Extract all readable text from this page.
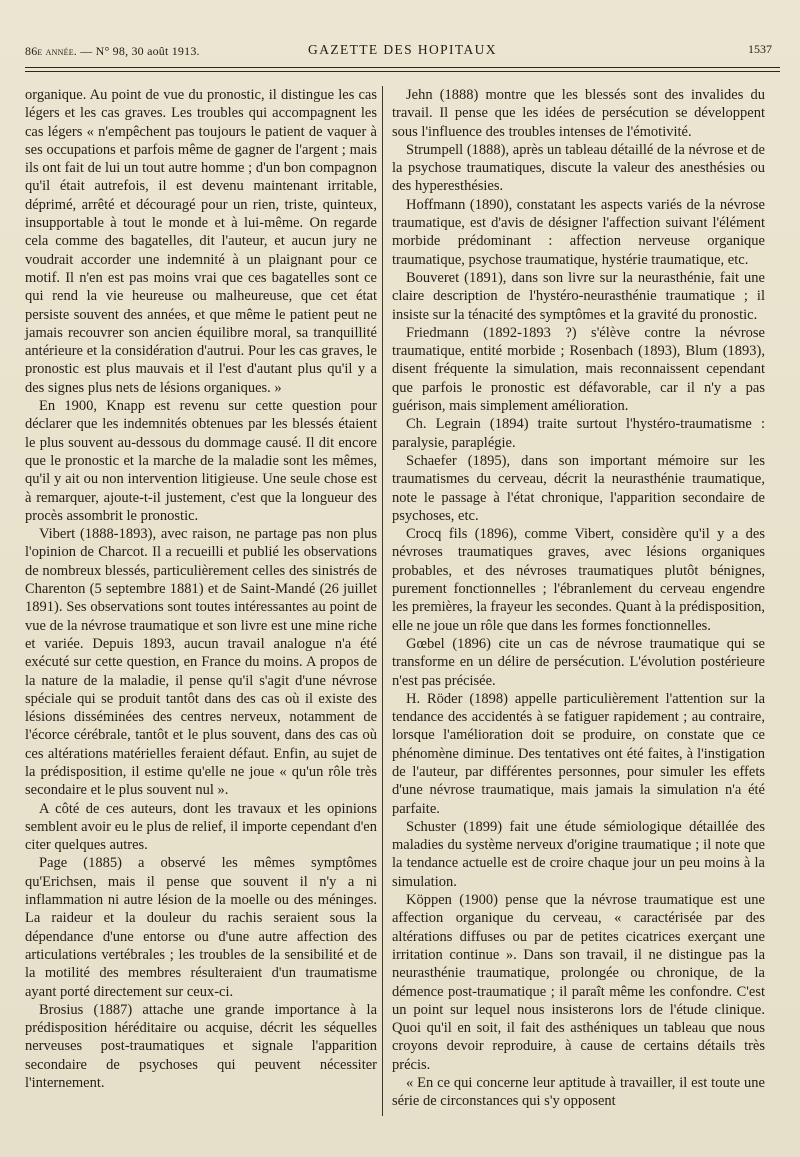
86e année. — N° 98, 30 août 1913.	GAZETTE DES HOPITAUX	1537

organique. Au point de vue du pronostic, il distingue les cas légers et les cas graves. Les troubles qui accompagnent les cas légers « n'empêchent pas toujours le patient de vaquer à ses occupations et parfois même de gagner de l'argent ; mais ils ont fait de lui un tout autre homme ; d'un bon compagnon qu'il était autrefois, il est devenu maintenant irritable, déprimé, arrêté et découragé pour un rien, triste, quinteux, insupportable à tout le monde et à lui-même. On regarde cela comme des bagatelles, dit l'auteur, et aucun jury ne voudrait accorder une indemnité à un plaignant pour ce motif. Il n'en est pas moins vrai que ces bagatelles sont ce qui rend la vie heureuse ou malheureuse, que cet état persiste souvent des années, et que même le patient peut ne jamais recouvrer son ancien équilibre moral, sa tranquillité antérieure et la considération d'autrui. Pour les cas graves, le pronostic est plus mauvais et il l'est d'autant plus qu'il y a des signes plus nets de lésions organiques. »

En 1900, Knapp est revenu sur cette question pour déclarer que les indemnités obtenues par les blessés étaient le plus souvent au-dessous du dommage causé. Il dit encore que le pronostic et la marche de la maladie sont les mêmes, qu'il y ait ou non intervention litigieuse. Une seule chose est à remarquer, ajoute-t-il justement, c'est que la longueur des procès assombrit le pronostic.

Vibert (1888-1893), avec raison, ne partage pas non plus l'opinion de Charcot. Il a recueilli et publié les observations de nombreux blessés, particulièrement celles des sinistrés de Charenton (5 septembre 1881) et de Saint-Mandé (26 juillet 1891). Ses observations sont toutes intéressantes au point de vue de la névrose traumatique et son livre est une mine riche et variée. Depuis 1893, aucun travail analogue n'a été exécuté sur cette question, en France du moins. A propos de la nature de la maladie, il pense qu'il s'agit d'une névrose spéciale qui se produit tantôt dans des cas où il existe des lésions disséminées des centres nerveux, notamment de l'écorce cérébrale, tantôt et le plus souvent, dans des cas où ces altérations matérielles feraient défaut. Enfin, au sujet de la prédisposition, il estime qu'elle ne joue « qu'un rôle très secondaire et le plus souvent nul ».

A côté de ces auteurs, dont les travaux et les opinions semblent avoir eu le plus de relief, il importe cependant d'en citer quelques autres.

Page (1885) a observé les mêmes symptômes qu'Erichsen, mais il pense que souvent il n'y a ni inflammation ni autre lésion de la moelle ou des méninges. La raideur et la douleur du rachis seraient sous la dépendance d'une entorse ou d'une autre affection des articulations vertébrales ; les troubles de la sensibilité et de la motilité des membres résulteraient d'un traumatisme ayant porté directement sur ceux-ci.

Brosius (1887) attache une grande importance à la prédisposition héréditaire ou acquise, décrit les séquelles nerveuses post-traumatiques et signale l'apparition secondaire de psychoses qui peuvent nécessiter l'internement.

Jehn (1888) montre que les blessés sont des invalides du travail. Il pense que les idées de persécution se développent sous l'influence des troubles intenses de l'émotivité.

Strumpell (1888), après un tableau détaillé de la névrose et de la psychose traumatiques, discute la valeur des anesthésies ou des hyperesthésies.

Hoffmann (1890), constatant les aspects variés de la névrose traumatique, est d'avis de désigner l'affection suivant l'élément morbide prédominant : affection nerveuse organique traumatique, psychose traumatique, hystérie traumatique, etc.

Bouveret (1891), dans son livre sur la neurasthénie, fait une claire description de l'hystéro-neurasthénie traumatique ; il insiste sur la ténacité des symptômes et la gravité du pronostic.

Friedmann (1892-1893 ?) s'élève contre la névrose traumatique, entité morbide ; Rosenbach (1893), Blum (1893), disent fréquente la simulation, mais reconnaissent cependant que parfois le pronostic est défavorable, car il n'y a pas guérison, mais simplement amélioration.

Ch. Legrain (1894) traite surtout l'hystéro-traumatisme : paralysie, paraplégie.

Schaefer (1895), dans son important mémoire sur les traumatismes du cerveau, décrit la neurasthénie traumatique, note le passage à l'état chronique, l'apparition secondaire de psychoses, etc.

Crocq fils (1896), comme Vibert, considère qu'il y a des névroses traumatiques graves, avec lésions organiques probables, et des névroses traumatiques plutôt bénignes, purement fonctionnelles ; l'ébranlement du cerveau engendre les premières, la frayeur les secondes. Quant à la prédisposition, elle ne joue un rôle que dans les formes fonctionnelles.

Gœbel (1896) cite un cas de névrose traumatique qui se transforme en un délire de persécution. L'évolution postérieure n'est pas précisée.

H. Röder (1898) appelle particulièrement l'attention sur la tendance des accidentés à se fatiguer rapidement ; au contraire, lorsque l'amélioration doit se produire, on constate que ce phénomène diminue. Des tentatives ont été faites, à l'instigation de l'auteur, par différentes personnes, pour simuler les effets d'une névrose traumatique, mais jamais la simulation n'a été parfaite.

Schuster (1899) fait une étude sémiologique détaillée des maladies du système nerveux d'origine traumatique ; il note que la tendance actuelle est de croire chaque jour un peu moins à la simulation.

Köppen (1900) pense que la névrose traumatique est une affection organique du cerveau, « caractérisée par des altérations diffuses ou par de petites cicatrices exerçant une irritation continue ». Dans son travail, il ne distingue pas la neurasthénie traumatique, prolongée ou chronique, de la démence post-traumatique ; il paraît même les confondre. C'est un point sur lequel nous insisterons lors de l'étude clinique. Quoi qu'il en soit, il fait des asthéniques un tableau que nous croyons devoir reproduire, à cause de certains détails très précis.

« En ce qui concerne leur aptitude à travailler, il est toute une série de circonstances qui s'y opposent
